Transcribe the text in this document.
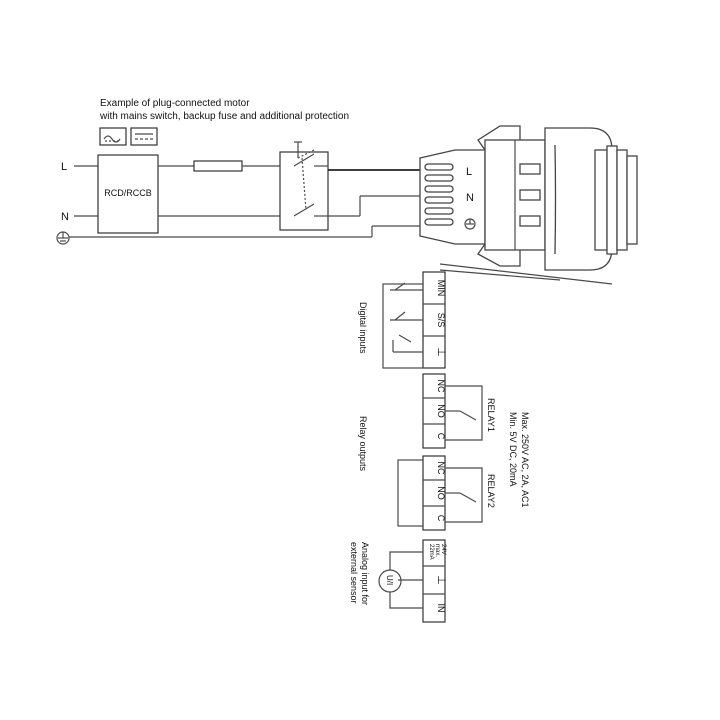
Example of plug-connected motor
with mains switch, backup fuse and additional protection
L
N
RCD/RCCB
L
N
MIN
S/S
⊥
Digital inputs
NC
NO
C
RELAY1
NC
NO
C
RELAY2
Relay outputs	Max. 250V AC, 2A, AC1
Min. 5V DC, 20mA
24V
max.
22mA
⊥
IN
U/I
Analog input for
external sensor
